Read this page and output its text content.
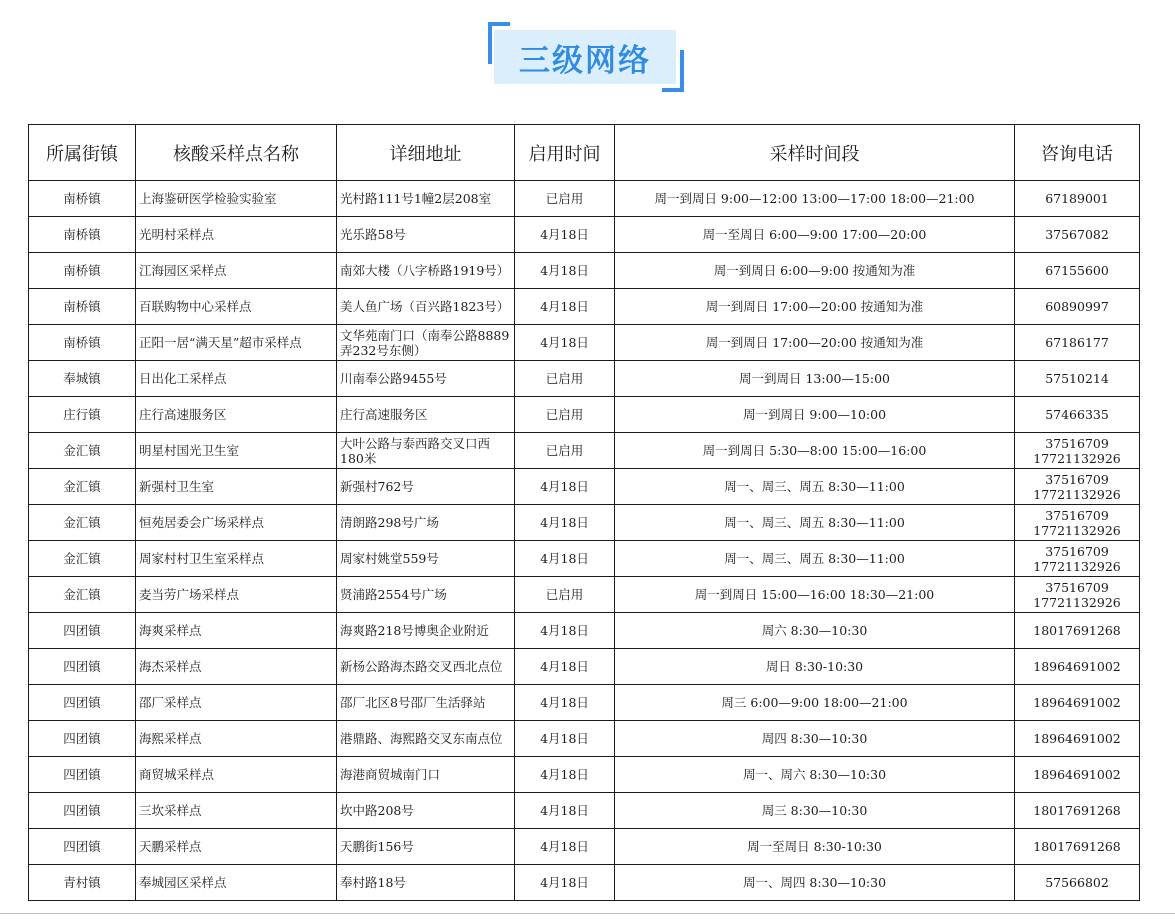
三级网络
所属街镇	核酸采样点名称	详细地址	启用时间	采样时间段	咨询电话
南桥镇	上海鉴研医学检验实验室	光村路111号1幢2层208室	已启用	周一到周日 9:00—12:00 13:00—17:00 18:00—21:00	67189001
南桥镇	光明村采样点	光乐路58号	4月18日	周一至周日 6:00—9:00 17:00—20:00	37567082
南桥镇	江海园区采样点	南郊大楼（八字桥路1919号）	4月18日	周一到周日 6:00—9:00 按通知为准	67155600
南桥镇	百联购物中心采样点	美人鱼广场（百兴路1823号）	4月18日	周一到周日 17:00—20:00 按通知为准	60890997
南桥镇	正阳一居“满天星”超市采样点	文华苑南门口（南奉公路8889弄232号东侧）	4月18日	周一到周日 17:00—20:00 按通知为准	67186177
奉城镇	日出化工采样点	川南奉公路9455号	已启用	周一到周日 13:00—15:00	57510214
庄行镇	庄行高速服务区	庄行高速服务区	已启用	周一到周日 9:00—10:00	57466335
金汇镇	明星村国光卫生室	大叶公路与泰西路交叉口西180米	已启用	周一到周日 5:30—8:00 15:00—16:00	37516709 17721132926
金汇镇	新强村卫生室	新强村762号	4月18日	周一、周三、周五 8:30—11:00	37516709 17721132926
金汇镇	恒苑居委会广场采样点	清朗路298号广场	4月18日	周一、周三、周五 8:30—11:00	37516709 17721132926
金汇镇	周家村村卫生室采样点	周家村姚堂559号	4月18日	周一、周三、周五 8:30—11:00	37516709 17721132926
金汇镇	麦当劳广场采样点	贤浦路2554号广场	已启用	周一到周日 15:00—16:00 18:30—21:00	37516709 17721132926
四团镇	海爽采样点	海爽路218号博奥企业附近	4月18日	周六 8:30—10:30	18017691268
四团镇	海杰采样点	新杨公路海杰路交叉西北点位	4月18日	周日 8:30-10:30	18964691002
四团镇	邵厂采样点	邵厂北区8号邵厂生活驿站	4月18日	周三 6:00—9:00 18:00—21:00	18964691002
四团镇	海熙采样点	港鼎路、海熙路交叉东南点位	4月18日	周四 8:30—10:30	18964691002
四团镇	商贸城采样点	海港商贸城南门口	4月18日	周一、周六 8:30—10:30	18964691002
四团镇	三坎采样点	坎中路208号	4月18日	周三 8:30—10:30	18017691268
四团镇	天鹏采样点	天鹏街156号	4月18日	周一至周日 8:30-10:30	18017691268
青村镇	奉城园区采样点	奉村路18号	4月18日	周一、周四 8:30—10:30	57566802
